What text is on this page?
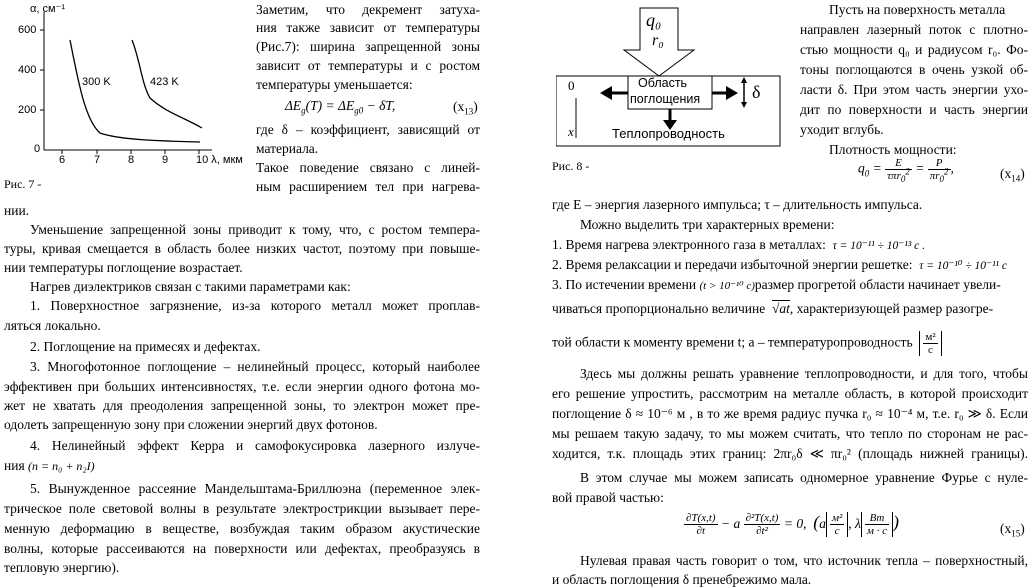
α, см⁻¹
600
400
200
0
6	7	8	9	10 λ, мкм
300 K	423 K
Рис. 7 -
Заметим, что декремент затуха-
ния также зависит от температуры
(Рис.7): ширина запрещенной зоны
зависит от температуры и с ростом
температуры уменьшается:
$\Delta E_g(T) = \Delta E_{g0} - \delta T$,	$(x_{13})$
где δ – коэффициент, зависящий от
материала.
Такое поведение связано с линей-
ным расширением тел при нагрева-
нии.
Уменьшение запрещенной зоны приводит к тому, что, с ростом темпера-
туры, кривая смещается в область более низких частот, поэтому при повыше-
нии температуры поглощение возрастает.
Нагрев диэлектриков связан с такими параметрами как:
1. Поверхностное загрязнение, из-за которого металл может проплав-
ляться локально.
2. Поглощение на примесях и дефектах.
3. Многофотонное поглощение – нелинейный процесс, который наиболее
эффективен при больших интенсивностях, т.е. если энергии одного фотона мо-
жет не хватать для преодоления запрещенной зоны, то электрон может пре-
одолеть запрещенную зону при сложении энергий двух фотонов.
4. Нелинейный эффект Керра и самофокусировка лазерного излуче-
ния (n = n₀ + n₂I)
5. Вынужденное рассеяние Мандельштама-Бриллюэна (переменное элек-
трическое поле световой волны в результате электрострикции вызывает пере-
менную деформацию в веществе, возбуждая таким образом акустические
волны, которые рассеиваются на поверхности или дефектах, преобразуясь в
тепловую энергию).
q₀
r₀
0
x
Область
поглощения	δ
Теплопроводность
Рис. 8 -
Пусть на поверхность металла
направлен лазерный поток с плотно-
стью мощности q₀ и радиусом r₀. Фо-
тоны поглощаются в очень узкой об-
ласти δ. При этом часть энергии ухо-
дит по поверхности и часть энергии
уходит вглубь.
Плотность мощности:
$q_0 = \frac{E}{\tau\pi r_0^2} = \frac{P}{\pi r_0^2}$ ,	$(x_{14})$
где E – энергия лазерного импульса; τ – длительность импульса.
Можно выделить три характерных времени:
1. Время нагрева электронного газа в металлах: τ = 10⁻¹¹ ÷ 10⁻¹³ с .
2. Время релаксации и передачи избыточной энергии решетке: τ = 10⁻¹⁰ ÷ 10⁻¹¹ с
3. По истечении времени (t > 10⁻¹⁰ с)размер прогретой области начинает увели-
чиваться пропорционально величине √at, характеризующей размер разогре-
той области к моменту времени t; a – температуропроводность $\frac{\text{м²}}{c}$
Здесь мы должны решать уравнение теплопроводности, и для того, чтобы
его решение упростить, рассмотрим на металле область, в которой происходит
поглощение δ ≈ 10⁻⁶ м , в то же время радиус пучка r₀ ≈ 10⁻⁴ м, т.е. r₀ ≫ δ. Если
мы решаем такую задачу, то мы можем считать, что тепло по сторонам не рас-
ходится, т.к. площадь этих границ: 2πr₀δ ≪ πr₀² (площадь нижней границы).
В этом случае мы можем записать одномерное уравнение Фурье с нуле-
вой правой частью:
$\frac{\partial T(x,t)}{\partial t} - a \frac{\text{∂²T(x,t)}}{\text{∂t²}} = 0$,  ($a \frac{\text{м²}}{c}$ , λ $\frac{Вт}{м \cdot с}$ )	$(x_{15})$
Нулевая правая часть говорит о том, что источник тепла – поверхностный,
и область поглощения δ пренебрежимо мала.
